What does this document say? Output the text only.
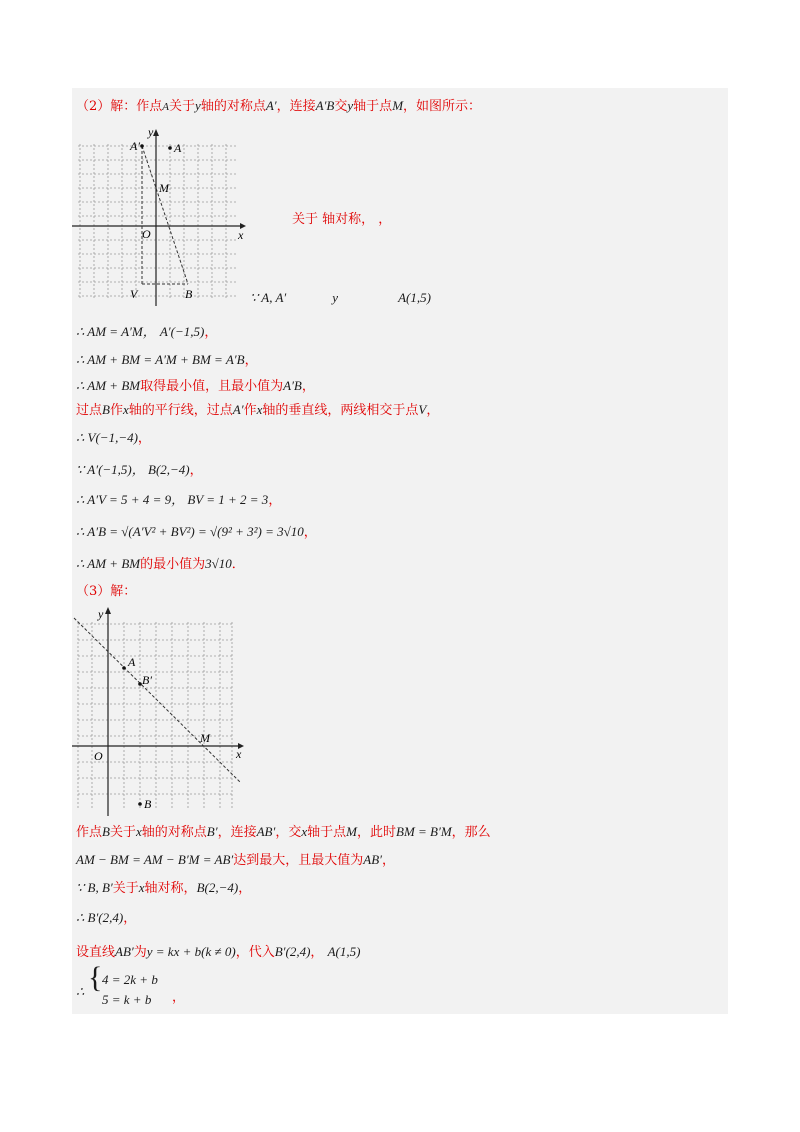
（2）解：作点A关于y轴的对称点A′，连接A′B交y轴于点M，如图所示：
y
x
O
A
A′
M
V	B
关于 轴对称， ，
∵ A, A′	y	A(1,5)
∴ AM = A′M， A′(−1,5)，
∴ AM + BM = A′M + BM = A′B，
∴ AM + BM取得最小值，且最小值为A′B，
过点B作x轴的平行线，过点A′作x轴的垂直线，两线相交于点V，
∴ V(−1,−4)，
∵ A′(−1,5)， B(2,−4)，
∴ A′V = 5 + 4 = 9， BV = 1 + 2 = 3，
∴ A′B = √(A′V² + BV²) = √(9² + 3²) = 3√10，
∴ AM + BM的最小值为3√10．
（3）解：
y
x
O
A
B′
M
B
作点B关于x轴的对称点B′，连接AB′，交x轴于点M，此时BM = B′M，那么
AM − BM = AM − B′M = AB′达到最大，且最大值为AB′，
∵ B, B′关于x轴对称，B(2,−4)，
∴ B′(2,4)，
设直线AB′为y = kx + b(k ≠ 0)，代入B′(2,4)， A(1,5)
∴ { 4 = 2k + b
5 = k + b ，
